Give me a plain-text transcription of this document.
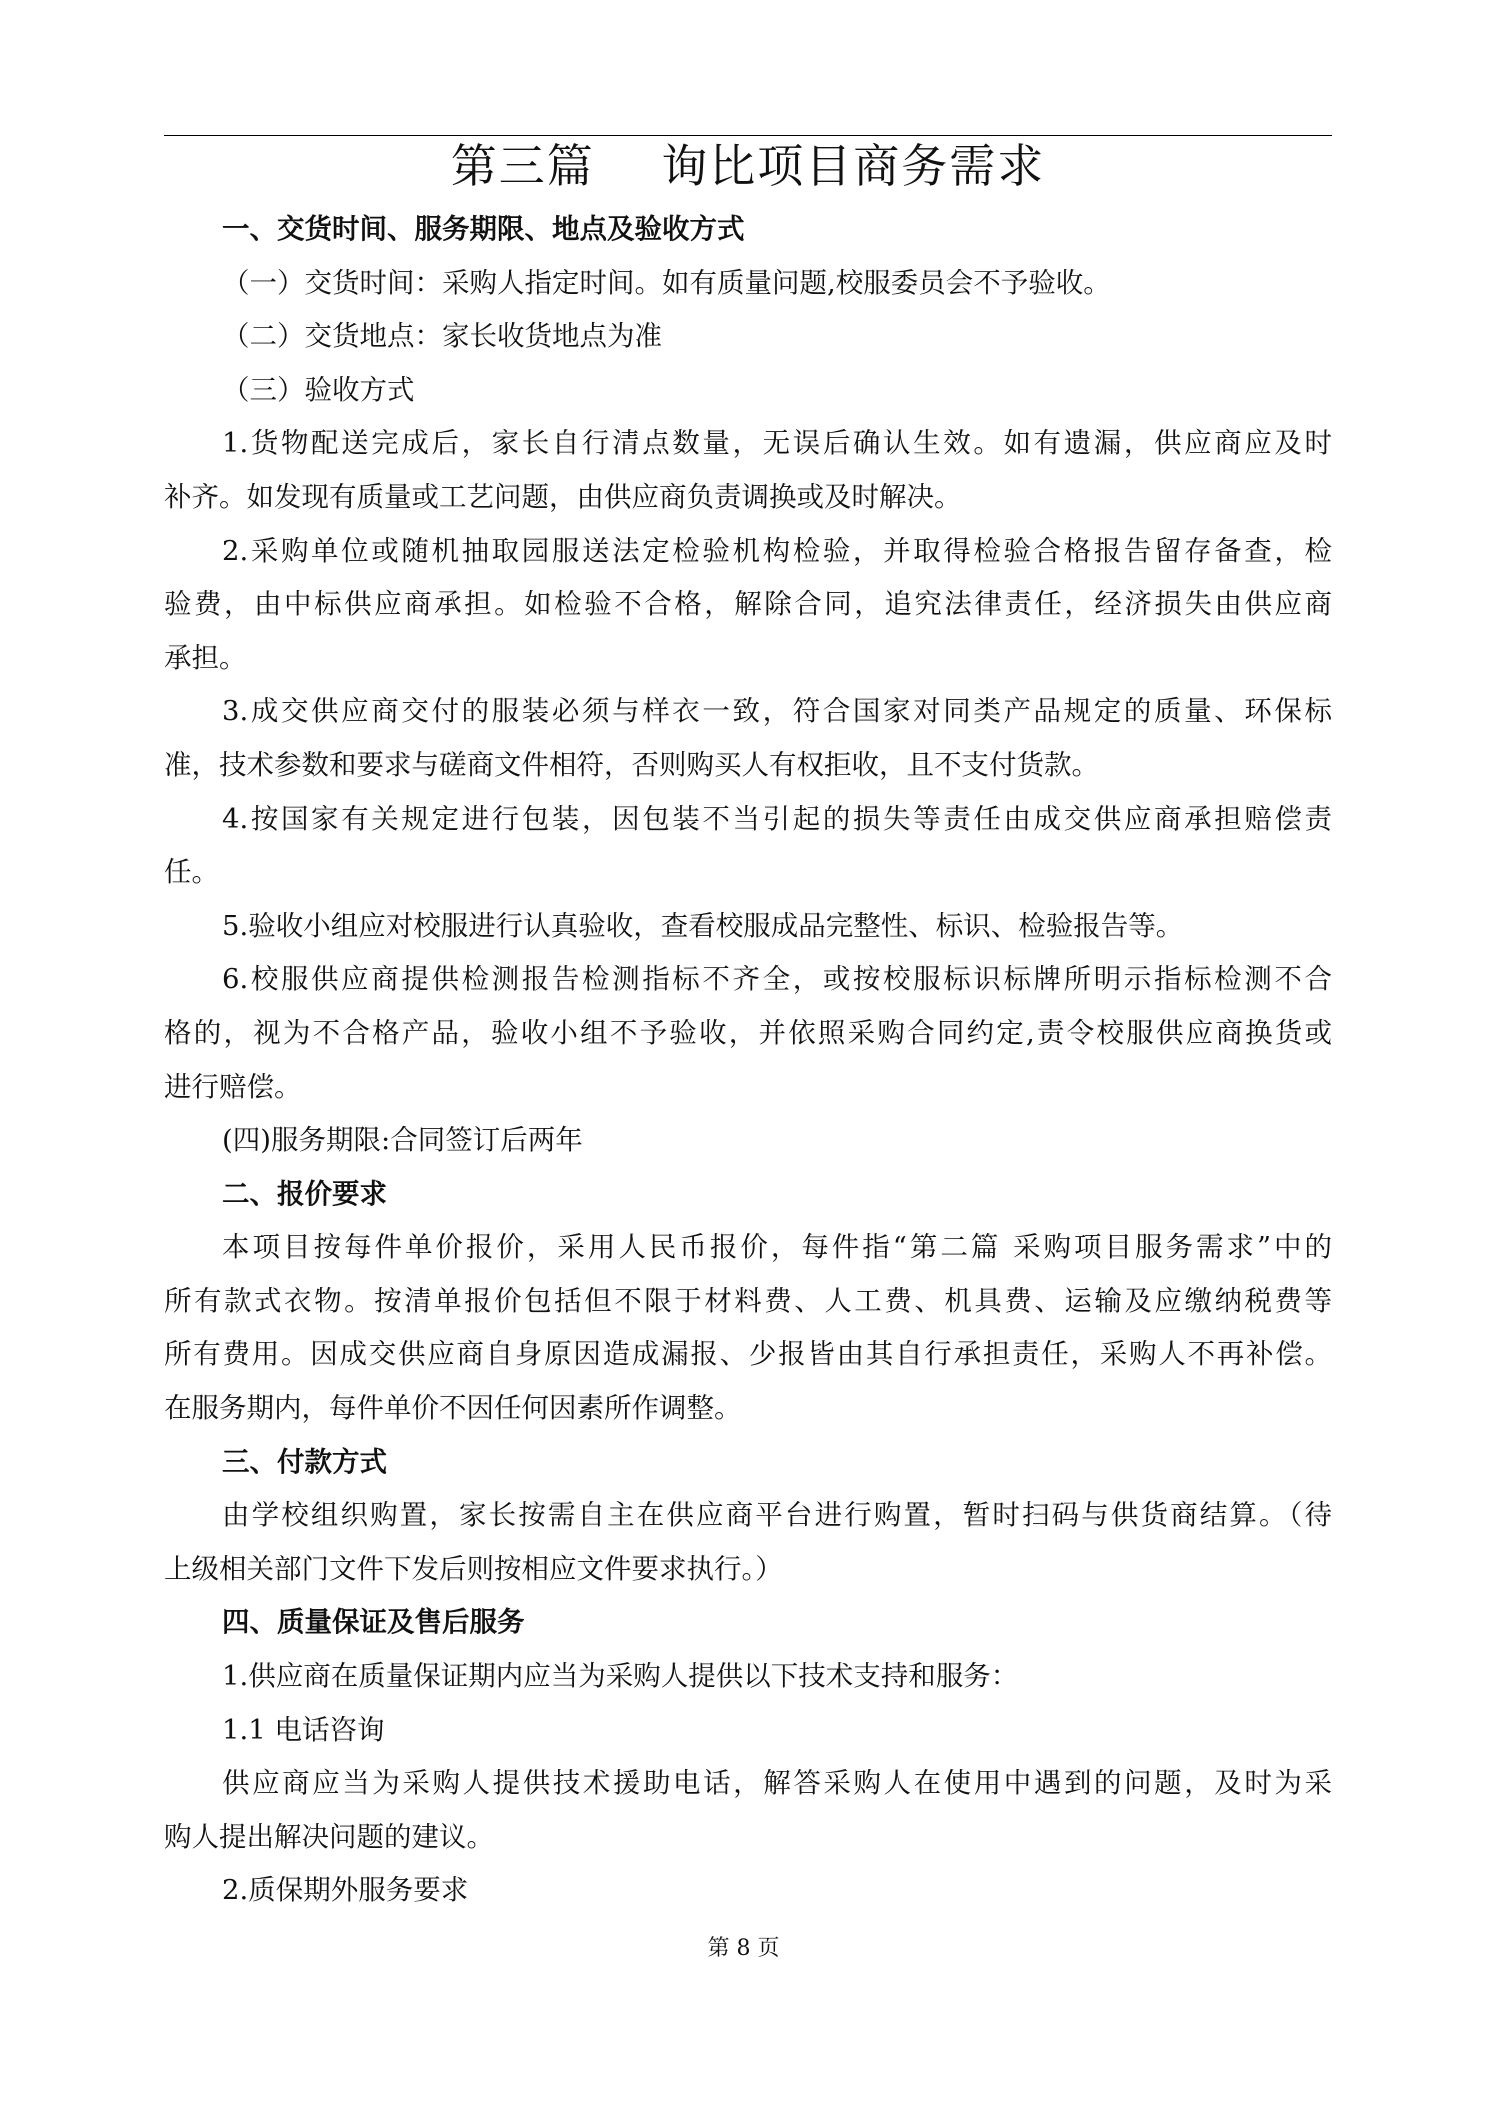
第三篇    询比项目商务需求
一、交货时间、服务期限、地点及验收方式
（一）交货时间：采购人指定时间。如有质量问题,校服委员会不予验收。
（二）交货地点：家长收货地点为准
（三）验收方式
1.货物配送完成后，家长自行清点数量，无误后确认生效。如有遗漏，供应商应及时
补齐。如发现有质量或工艺问题，由供应商负责调换或及时解决。
2.采购单位或随机抽取园服送法定检验机构检验，并取得检验合格报告留存备查，检
验费，由中标供应商承担。如检验不合格，解除合同，追究法律责任，经济损失由供应商
承担。
3.成交供应商交付的服装必须与样衣一致，符合国家对同类产品规定的质量、环保标
准，技术参数和要求与磋商文件相符，否则购买人有权拒收，且不支付货款。
4.按国家有关规定进行包装，因包装不当引起的损失等责任由成交供应商承担赔偿责
任。
5.验收小组应对校服进行认真验收，查看校服成品完整性、标识、检验报告等。
6.校服供应商提供检测报告检测指标不齐全，或按校服标识标牌所明示指标检测不合
格的，视为不合格产品，验收小组不予验收，并依照采购合同约定,责令校服供应商换货或
进行赔偿。
(四)服务期限:合同签订后两年
二、报价要求
本项目按每件单价报价，采用人民币报价，每件指“第二篇 采购项目服务需求”中的
所有款式衣物。按清单报价包括但不限于材料费、人工费、机具费、运输及应缴纳税费等
所有费用。因成交供应商自身原因造成漏报、少报皆由其自行承担责任，采购人不再补偿。
在服务期内，每件单价不因任何因素所作调整。
三、付款方式
由学校组织购置，家长按需自主在供应商平台进行购置，暂时扫码与供货商结算。（待
上级相关部门文件下发后则按相应文件要求执行。）
四、质量保证及售后服务
1.供应商在质量保证期内应当为采购人提供以下技术支持和服务：
1.1 电话咨询
供应商应当为采购人提供技术援助电话，解答采购人在使用中遇到的问题，及时为采
购人提出解决问题的建议。
2.质保期外服务要求
第 8 页
